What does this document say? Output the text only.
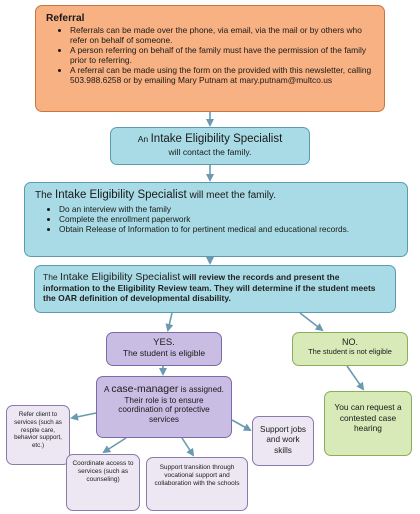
Referral
• Referrals can be made over the phone, via email, via the mail or by others who refer on behalf of someone.
• A person referring on behalf of the family must have the permission of the family prior to referring.
• A referral can be made using the form on the provided with this newsletter, calling 503.988.6258 or by emailing Mary Putnam at mary.putnam@multco.us
An Intake Eligibility Specialist
will contact the family.
The Intake Eligibility Specialist will meet the family.
• Do an interview with the family
• Complete the enrollment paperwork
• Obtain Release of Information to for pertinent medical and educational records.
The Intake Eligibility Specialist will review the records and present the information to the Eligibility Review team. They will determine if the student meets the OAR definition of developmental disability.
YES.
The student is eligible
NO.
The student is not eligible
A case-manager is assigned. Their role is to ensure coordination of protective services
You can request a contested case hearing
Refer client to services (such as respite care, behavior support, etc.)
Coordinate access to services (such as counseling)
Support transition through vocational support and collaboration with the schools
Support jobs and work skills
